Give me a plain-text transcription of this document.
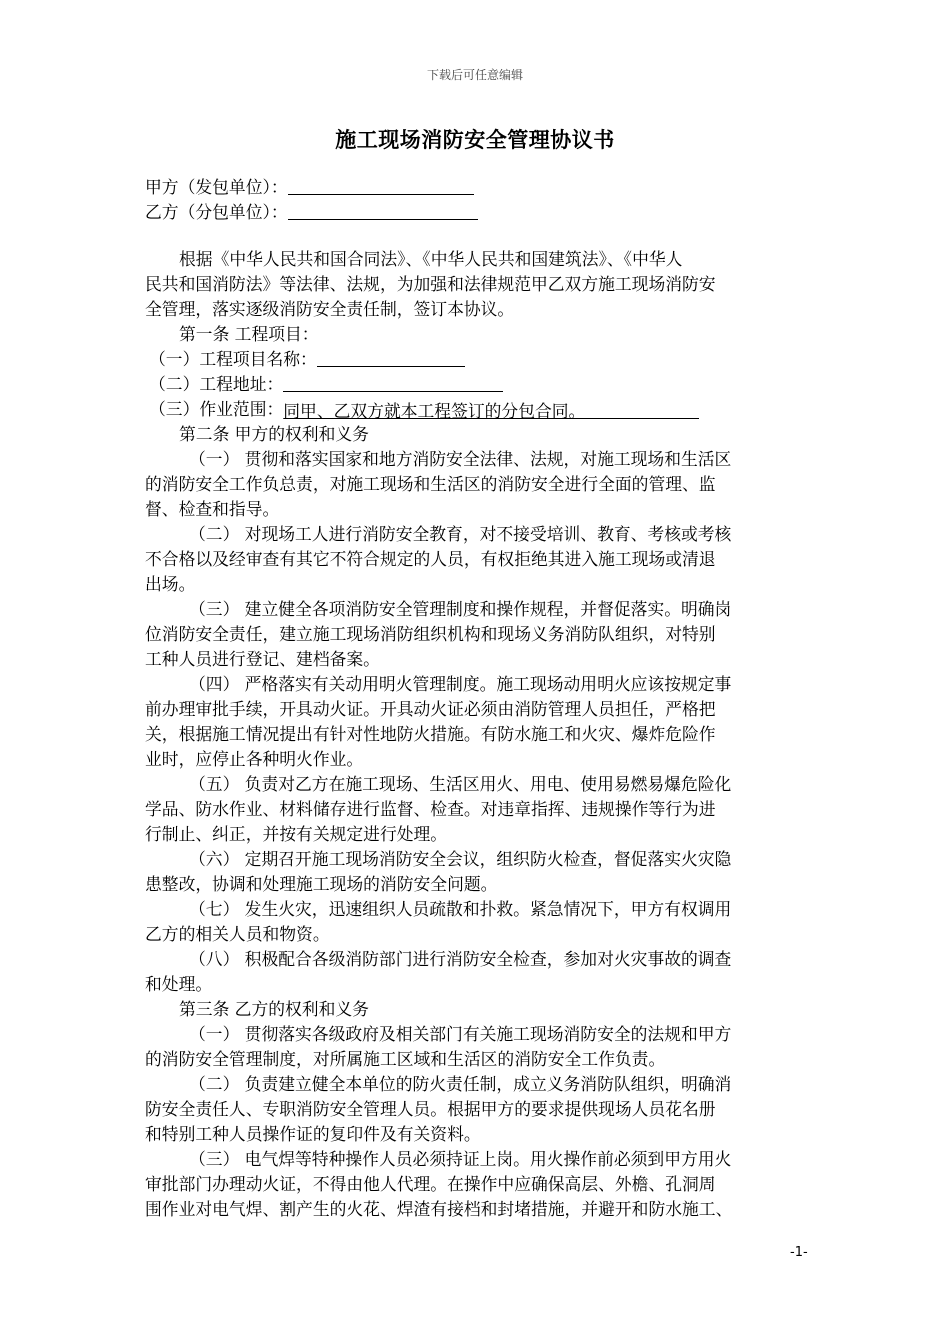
下载后可任意编辑
施工现场消防安全管理协议书
甲方（发包单位）：
乙方（分包单位）：
根据《中华人民共和国合同法》、《中华人民共和国建筑法》、《中华人
民共和国消防法》等法律、法规，为加强和法律规范甲乙双方施工现场消防安
全管理，落实逐级消防安全责任制，签订本协议。
第一条 工程项目：
（一）工程项目名称：
（二）工程地址：
（三）作业范围：同甲、乙双方就本工程签订的分包合同。
第二条 甲方的权利和义务
（一） 贯彻和落实国家和地方消防安全法律、法规，对施工现场和生活区
的消防安全工作负总责，对施工现场和生活区的消防安全进行全面的管理、监
督、检查和指导。
（二） 对现场工人进行消防安全教育，对不接受培训、教育、考核或考核
不合格以及经审查有其它不符合规定的人员，有权拒绝其进入施工现场或清退
出场。
（三） 建立健全各项消防安全管理制度和操作规程，并督促落实。明确岗
位消防安全责任，建立施工现场消防组织机构和现场义务消防队组织，对特别
工种人员进行登记、建档备案。
（四） 严格落实有关动用明火管理制度。施工现场动用明火应该按规定事
前办理审批手续，开具动火证。开具动火证必须由消防管理人员担任，严格把
关，根据施工情况提出有针对性地防火措施。有防水施工和火灾、爆炸危险作
业时，应停止各种明火作业。
（五） 负责对乙方在施工现场、生活区用火、用电、使用易燃易爆危险化
学品、防水作业、材料储存进行监督、检查。对违章指挥、违规操作等行为进
行制止、纠正，并按有关规定进行处理。
（六） 定期召开施工现场消防安全会议，组织防火检查，督促落实火灾隐
患整改，协调和处理施工现场的消防安全问题。
（七） 发生火灾，迅速组织人员疏散和扑救。紧急情况下，甲方有权调用
乙方的相关人员和物资。
（八） 积极配合各级消防部门进行消防安全检查，参加对火灾事故的调查
和处理。
第三条 乙方的权利和义务
（一） 贯彻落实各级政府及相关部门有关施工现场消防安全的法规和甲方
的消防安全管理制度，对所属施工区域和生活区的消防安全工作负责。
（二） 负责建立健全本单位的防火责任制，成立义务消防队组织，明确消
防安全责任人、专职消防安全管理人员。根据甲方的要求提供现场人员花名册
和特别工种人员操作证的复印件及有关资料。
（三） 电气焊等特种操作人员必须持证上岗。用火操作前必须到甲方用火
审批部门办理动火证，不得由他人代理。在操作中应确保高层、外檐、孔洞周
围作业对电气焊、割产生的火花、焊渣有接档和封堵措施，并避开和防水施工、
-1-
